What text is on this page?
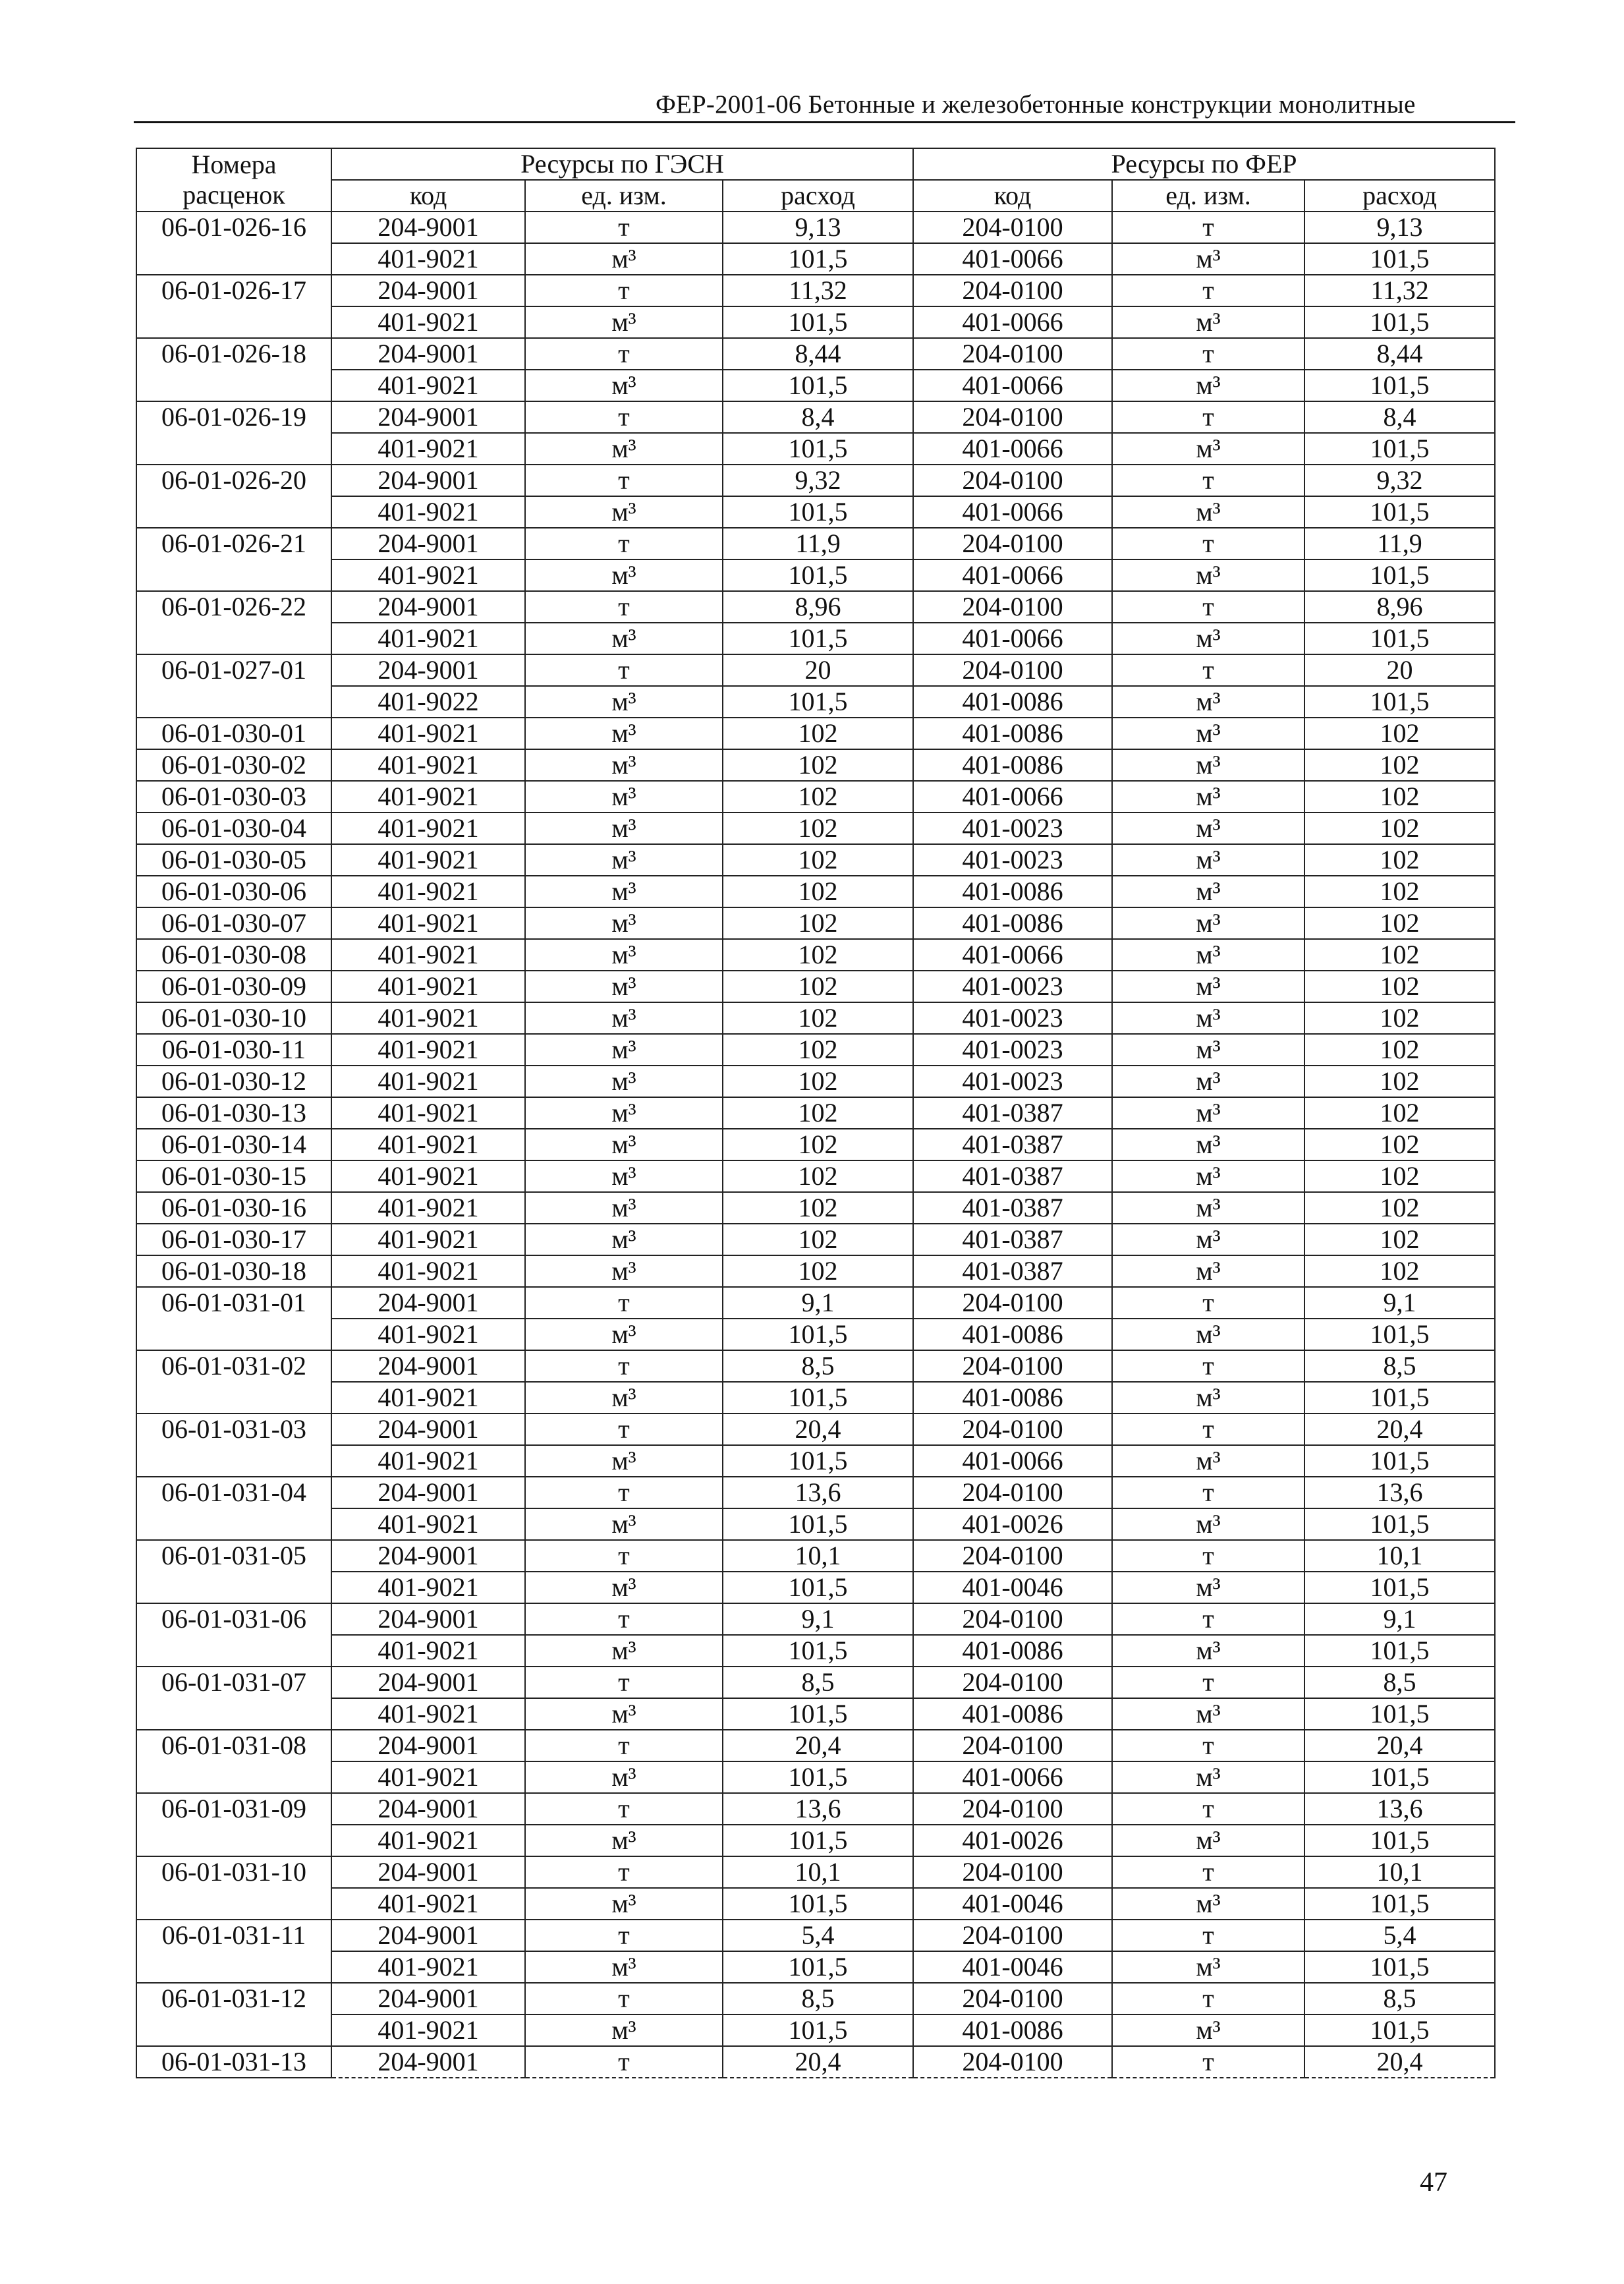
ФЕР-2001-06 Бетонные и железобетонные конструкции монолитные
Номера
расценок	Ресурсы по ГЭСН			Ресурсы по ФЕР		
	код	ед. изм.	расход	код	ед. изм.	расход
06-01-026-16	204-9001	т	9,13	204-0100	т	9,13
	401-9021	м³	101,5	401-0066	м³	101,5
06-01-026-17	204-9001	т	11,32	204-0100	т	11,32
	401-9021	м³	101,5	401-0066	м³	101,5
06-01-026-18	204-9001	т	8,44	204-0100	т	8,44
	401-9021	м³	101,5	401-0066	м³	101,5
06-01-026-19	204-9001	т	8,4	204-0100	т	8,4
	401-9021	м³	101,5	401-0066	м³	101,5
06-01-026-20	204-9001	т	9,32	204-0100	т	9,32
	401-9021	м³	101,5	401-0066	м³	101,5
06-01-026-21	204-9001	т	11,9	204-0100	т	11,9
	401-9021	м³	101,5	401-0066	м³	101,5
06-01-026-22	204-9001	т	8,96	204-0100	т	8,96
	401-9021	м³	101,5	401-0066	м³	101,5
06-01-027-01	204-9001	т	20	204-0100	т	20
	401-9022	м³	101,5	401-0086	м³	101,5
06-01-030-01	401-9021	м³	102	401-0086	м³	102
06-01-030-02	401-9021	м³	102	401-0086	м³	102
06-01-030-03	401-9021	м³	102	401-0066	м³	102
06-01-030-04	401-9021	м³	102	401-0023	м³	102
06-01-030-05	401-9021	м³	102	401-0023	м³	102
06-01-030-06	401-9021	м³	102	401-0086	м³	102
06-01-030-07	401-9021	м³	102	401-0086	м³	102
06-01-030-08	401-9021	м³	102	401-0066	м³	102
06-01-030-09	401-9021	м³	102	401-0023	м³	102
06-01-030-10	401-9021	м³	102	401-0023	м³	102
06-01-030-11	401-9021	м³	102	401-0023	м³	102
06-01-030-12	401-9021	м³	102	401-0023	м³	102
06-01-030-13	401-9021	м³	102	401-0387	м³	102
06-01-030-14	401-9021	м³	102	401-0387	м³	102
06-01-030-15	401-9021	м³	102	401-0387	м³	102
06-01-030-16	401-9021	м³	102	401-0387	м³	102
06-01-030-17	401-9021	м³	102	401-0387	м³	102
06-01-030-18	401-9021	м³	102	401-0387	м³	102
06-01-031-01	204-9001	т	9,1	204-0100	т	9,1
	401-9021	м³	101,5	401-0086	м³	101,5
06-01-031-02	204-9001	т	8,5	204-0100	т	8,5
	401-9021	м³	101,5	401-0086	м³	101,5
06-01-031-03	204-9001	т	20,4	204-0100	т	20,4
	401-9021	м³	101,5	401-0066	м³	101,5
06-01-031-04	204-9001	т	13,6	204-0100	т	13,6
	401-9021	м³	101,5	401-0026	м³	101,5
06-01-031-05	204-9001	т	10,1	204-0100	т	10,1
	401-9021	м³	101,5	401-0046	м³	101,5
06-01-031-06	204-9001	т	9,1	204-0100	т	9,1
	401-9021	м³	101,5	401-0086	м³	101,5
06-01-031-07	204-9001	т	8,5	204-0100	т	8,5
	401-9021	м³	101,5	401-0086	м³	101,5
06-01-031-08	204-9001	т	20,4	204-0100	т	20,4
	401-9021	м³	101,5	401-0066	м³	101,5
06-01-031-09	204-9001	т	13,6	204-0100	т	13,6
	401-9021	м³	101,5	401-0026	м³	101,5
06-01-031-10	204-9001	т	10,1	204-0100	т	10,1
	401-9021	м³	101,5	401-0046	м³	101,5
06-01-031-11	204-9001	т	5,4	204-0100	т	5,4
	401-9021	м³	101,5	401-0046	м³	101,5
06-01-031-12	204-9001	т	8,5	204-0100	т	8,5
	401-9021	м³	101,5	401-0086	м³	101,5
06-01-031-13	204-9001	т	20,4	204-0100	т	20,4
47
